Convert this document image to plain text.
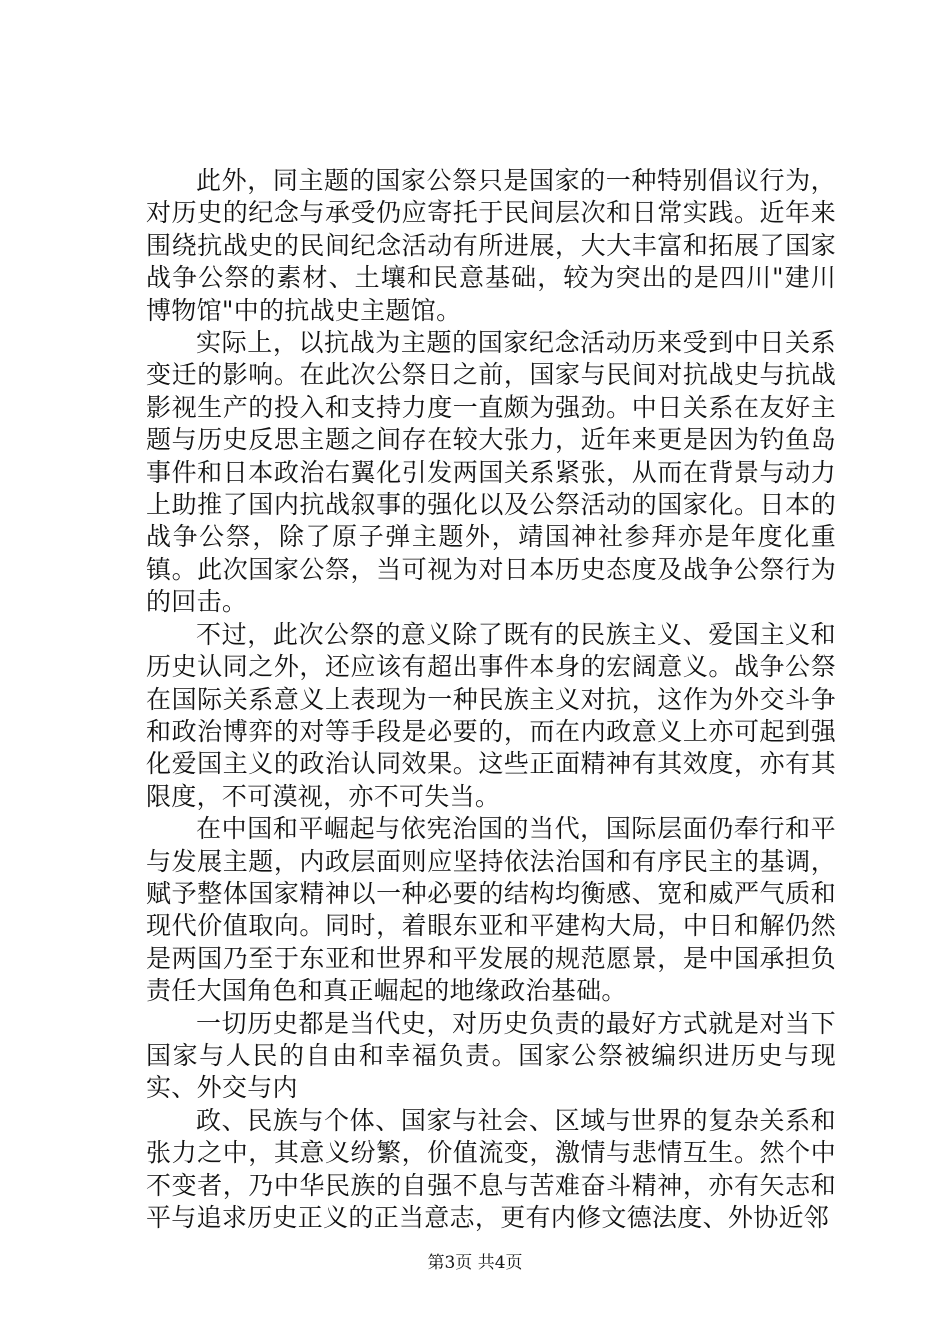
此外，同主题的国家公祭只是国家的一种特别倡议行为，对历史的纪念与承受仍应寄托于民间层次和日常实践。近年来围绕抗战史的民间纪念活动有所进展，大大丰富和拓展了国家战争公祭的素材、土壤和民意基础，较为突出的是四川"建川博物馆"中的抗战史主题馆。

实际上，以抗战为主题的国家纪念活动历来受到中日关系变迁的影响。在此次公祭日之前，国家与民间对抗战史与抗战影视生产的投入和支持力度一直颇为强劲。中日关系在友好主题与历史反思主题之间存在较大张力，近年来更是因为钓鱼岛事件和日本政治右翼化引发两国关系紧张，从而在背景与动力上助推了国内抗战叙事的强化以及公祭活动的国家化。日本的战争公祭，除了原子弹主题外，靖国神社参拜亦是年度化重镇。此次国家公祭，当可视为对日本历史态度及战争公祭行为的回击。

不过，此次公祭的意义除了既有的民族主义、爱国主义和历史认同之外，还应该有超出事件本身的宏阔意义。战争公祭在国际关系意义上表现为一种民族主义对抗，这作为外交斗争和政治博弈的对等手段是必要的，而在内政意义上亦可起到强化爱国主义的政治认同效果。这些正面精神有其效度，亦有其限度，不可漠视，亦不可失当。

在中国和平崛起与依宪治国的当代，国际层面仍奉行和平与发展主题，内政层面则应坚持依法治国和有序民主的基调，赋予整体国家精神以一种必要的结构均衡感、宽和威严气质和现代价值取向。同时，着眼东亚和平建构大局，中日和解仍然是两国乃至于东亚和世界和平发展的规范愿景，是中国承担负责任大国角色和真正崛起的地缘政治基础。

一切历史都是当代史，对历史负责的最好方式就是对当下国家与人民的自由和幸福负责。国家公祭被编织进历史与现实、外交与内

政、民族与个体、国家与社会、区域与世界的复杂关系和张力之中，其意义纷繁，价值流变，激情与悲情互生。然个中不变者，乃中华民族的自强不息与苦难奋斗精神，亦有矢志和平与追求历史正义的正当意志，更有内修文德法度、外协近邻

第3页 共4页
